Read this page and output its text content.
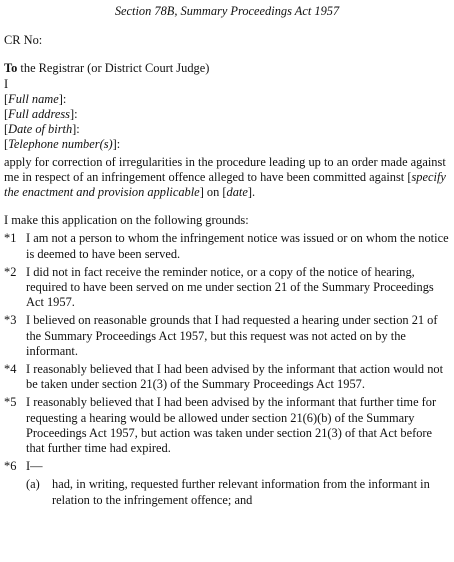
Section 78B, Summary Proceedings Act 1957
CR No:
To the Registrar (or District Court Judge)
I
[Full name]:
[Full address]:
[Date of birth]:
[Telephone number(s)]:
apply for correction of irregularities in the procedure leading up to an order made against me in respect of an infringement offence alleged to have been committed against [specify the enactment and provision applicable] on [date].
I make this application on the following grounds:
*1 I am not a person to whom the infringement notice was issued or on whom the notice is deemed to have been served.
*2 I did not in fact receive the reminder notice, or a copy of the notice of hearing, required to have been served on me under section 21 of the Summary Proceedings Act 1957.
*3 I believed on reasonable grounds that I had requested a hearing under section 21 of the Summary Proceedings Act 1957, but this request was not acted on by the informant.
*4 I reasonably believed that I had been advised by the informant that action would not be taken under section 21(3) of the Summary Proceedings Act 1957.
*5 I reasonably believed that I had been advised by the informant that further time for requesting a hearing would be allowed under section 21(6)(b) of the Summary Proceedings Act 1957, but action was taken under section 21(3) of that Act before that further time had expired.
*6 I—
(a) had, in writing, requested further relevant information from the informant in relation to the infringement offence; and
